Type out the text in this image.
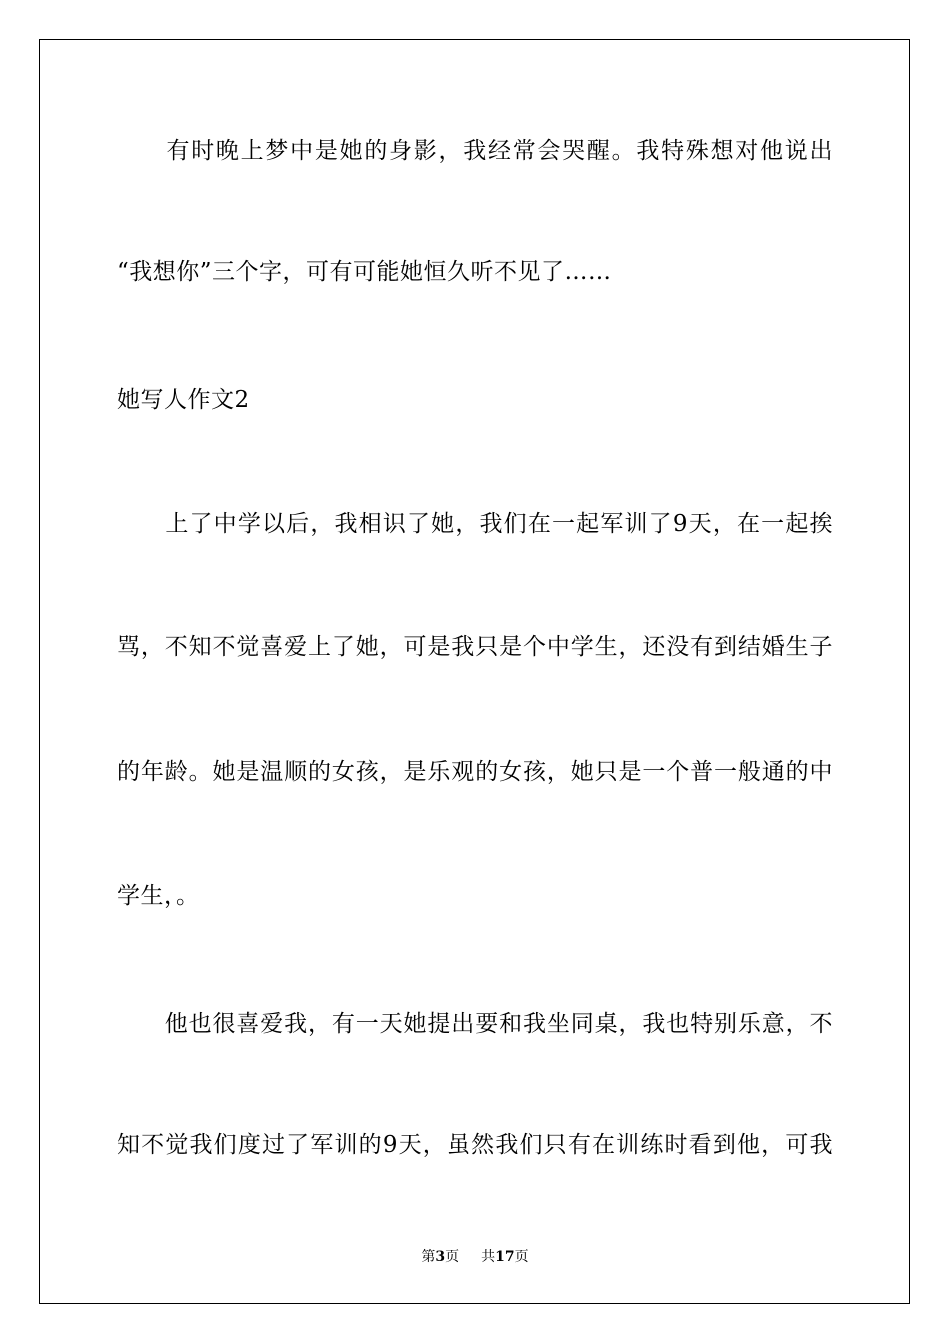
　　有时晚上梦中是她的身影，我经常会哭醒。我特殊想对他说出
“我想你”三个字，可有可能她恒久听不见了……
她写人作文2
　　上了中学以后，我相识了她，我们在一起军训了9天，在一起挨
骂，不知不觉喜爱上了她，可是我只是个中学生，还没有到结婚生子
的年龄。她是温顺的女孩，是乐观的女孩，她只是一个普一般通的中
学生，。
　　他也很喜爱我，有一天她提出要和我坐同桌，我也特别乐意，不
知不觉我们度过了军训的9天，虽然我们只有在训练时看到他，可我
第3页 共17页
